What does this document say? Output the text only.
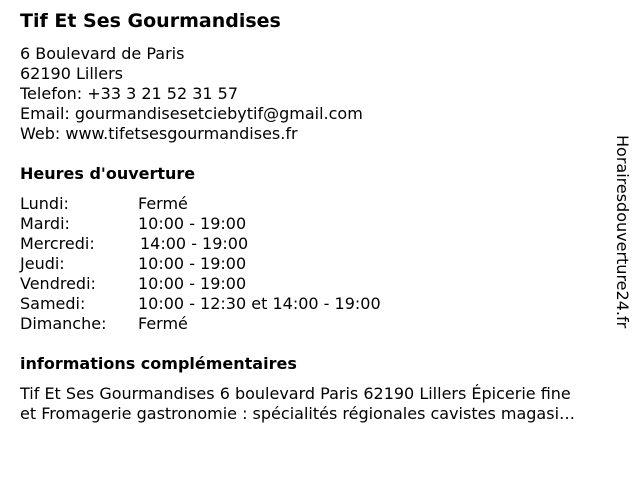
Tif Et Ses Gourmandises
6 Boulevard de Paris
62190 Lillers
Telefon: +33 3 21 52 31 57
Email: gourmandisesetciebytif@gmail.com
Web: www.tifetsesgourmandises.fr
Heures d'ouverture
Lundi:	Fermé
Mardi:	10:00 - 19:00
Mercredi:	14:00 - 19:00
Jeudi:	10:00 - 19:00
Vendredi:	10:00 - 19:00
Samedi:	10:00 - 12:30 et 14:00 - 19:00
Dimanche: Fermé
informations complémentaires
Tif Et Ses Gourmandises 6 boulevard Paris 62190 Lillers Épicerie fine
et Fromagerie gastronomie : spécialités régionales cavistes magasi…
Horairesdouverture24.fr
